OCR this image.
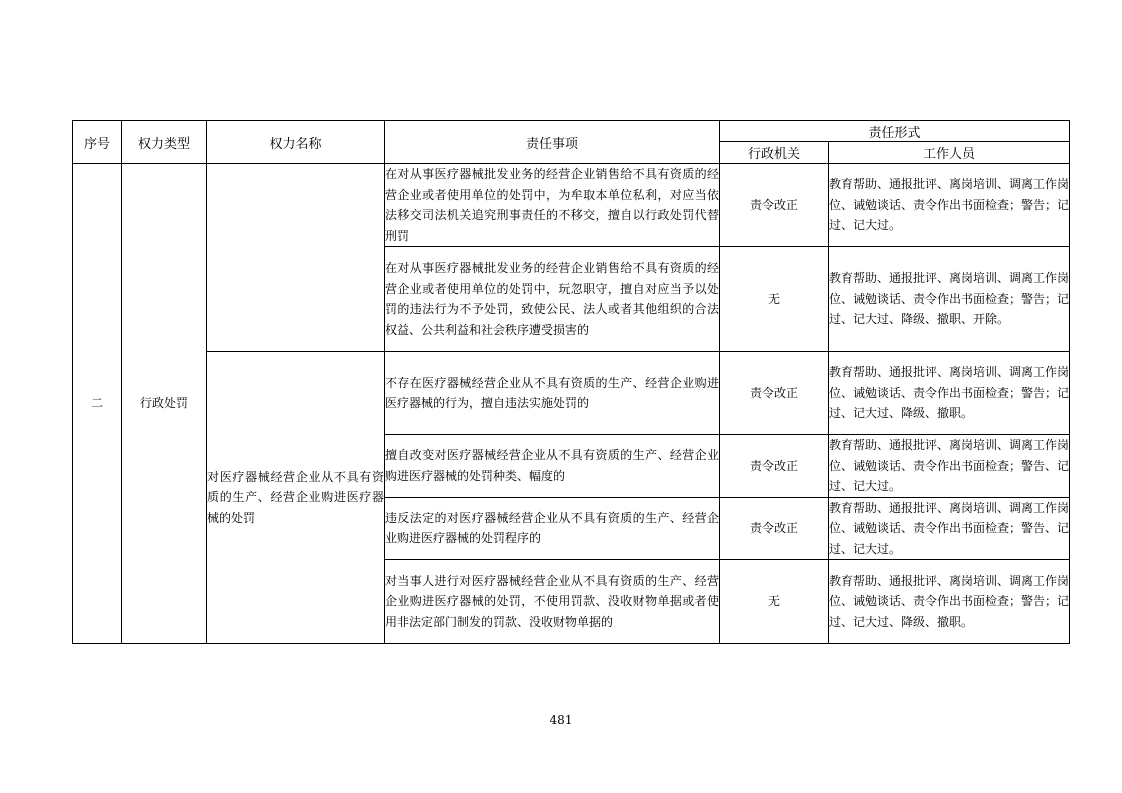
序号	权力类型	权力名称	责任事项	责任形式	
				行政机关	工作人员
二	行政处罚		在对从事医疗器械批发业务的经营企业销售给不具有资质的经营企业或者使用单位的处罚中，为牟取本单位私利，对应当依法移交司法机关追究刑事责任的不移交，擅自以行政处罚代替刑罚	责令改正	教育帮助、通报批评、离岗培训、调离工作岗位、诫勉谈话、责令作出书面检查；警告；记过、记大过。
			在对从事医疗器械批发业务的经营企业销售给不具有资质的经营企业或者使用单位的处罚中，玩忽职守，擅自对应当予以处罚的违法行为不予处罚，致使公民、法人或者其他组织的合法权益、公共利益和社会秩序遭受损害的	无	教育帮助、通报批评、离岗培训、调离工作岗位、诫勉谈话、责令作出书面检查；警告；记过、记大过、降级、撤职、开除。
		对医疗器械经营企业从不具有资质的生产、经营企业购进医疗器械的处罚	不存在医疗器械经营企业从不具有资质的生产、经营企业购进医疗器械的行为，擅自违法实施处罚的	责令改正	教育帮助、通报批评、离岗培训、调离工作岗位、诫勉谈话、责令作出书面检查；警告；记过、记大过、降级、撤职。
			擅自改变对医疗器械经营企业从不具有资质的生产、经营企业购进医疗器械的处罚种类、幅度的	责令改正	教育帮助、通报批评、离岗培训、调离工作岗位、诫勉谈话、责令作出书面检查；警告、记过、记大过。
			违反法定的对医疗器械经营企业从不具有资质的生产、经营企业购进医疗器械的处罚程序的	责令改正	教育帮助、通报批评、离岗培训、调离工作岗位、诫勉谈话、责令作出书面检查；警告、记过、记大过。
			对当事人进行对医疗器械经营企业从不具有资质的生产、经营企业购进医疗器械的处罚，不使用罚款、没收财物单据或者使用非法定部门制发的罚款、没收财物单据的	无	教育帮助、通报批评、离岗培训、调离工作岗位、诫勉谈话、责令作出书面检查；警告；记过、记大过、降级、撤职。
481
